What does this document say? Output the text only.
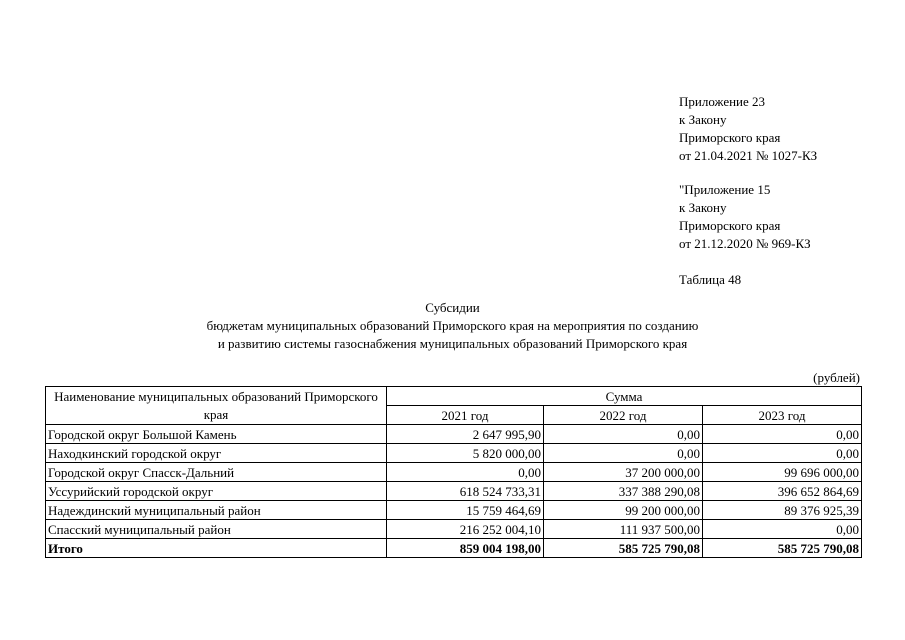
Приложение 23
к Закону
Приморского края
от 21.04.2021 № 1027-КЗ
"Приложение 15
к Закону
Приморского края
от 21.12.2020 № 969-КЗ
Таблица 48
Субсидии
бюджетам муниципальных образований Приморского края на мероприятия по созданию
и развитию системы газоснабжения муниципальных образований Приморского края
(рублей)
Наименование муниципальных образований Приморского края	Сумма		
	2021 год	2022 год	2023 год
Городской округ Большой Камень	2 647 995,90	0,00	0,00
Находкинский городской округ	5 820 000,00	0,00	0,00
Городской округ Спасск-Дальний	0,00	37 200 000,00	99 696 000,00
Уссурийский городской округ	618 524 733,31	337 388 290,08	396 652 864,69
Надеждинский муниципальный район	15 759 464,69	99 200 000,00	89 376 925,39
Спасский муниципальный район	216 252 004,10	111 937 500,00	0,00
Итого	859 004 198,00	585 725 790,08	585 725 790,08
